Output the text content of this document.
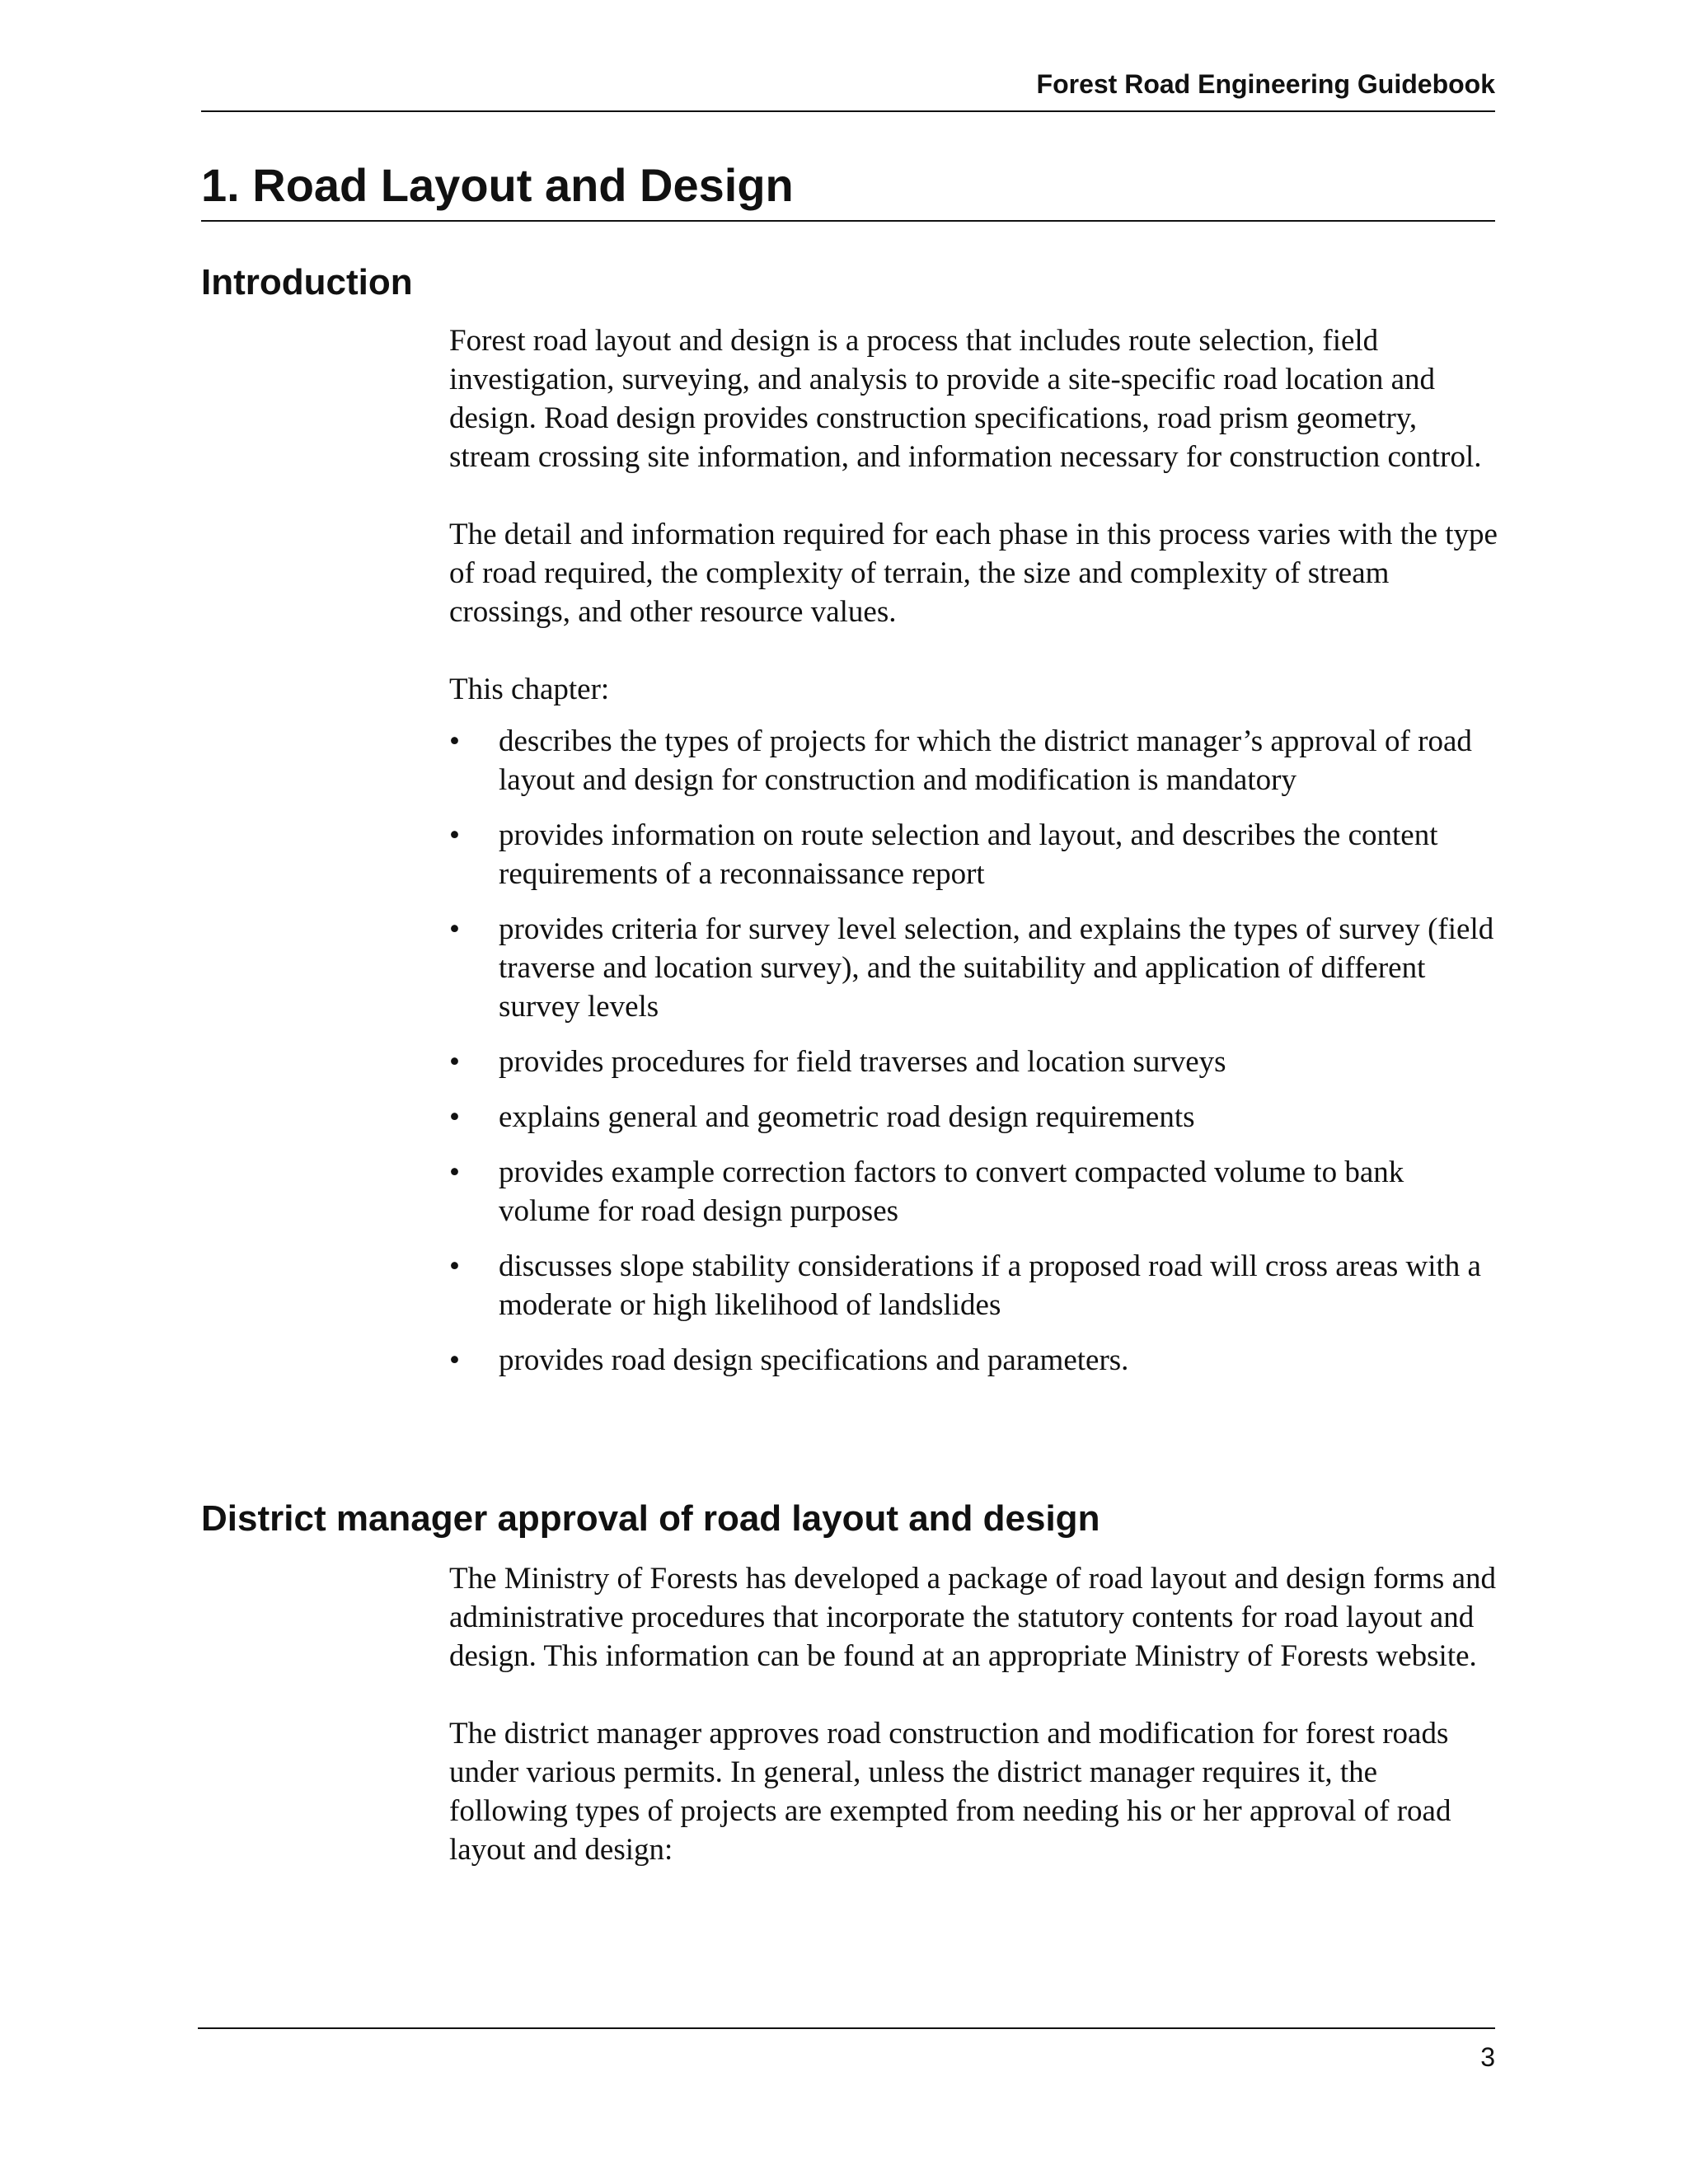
Forest Road Engineering Guidebook
1. Road Layout and Design
Introduction

Forest road layout and design is a process that includes route selection, field investigation, surveying, and analysis to provide a site-specific road location and design. Road design provides construction specifications, road prism geometry, stream crossing site information, and information necessary for construction control.

The detail and information required for each phase in this process varies with the type of road required, the complexity of terrain, the size and complexity of stream crossings, and other resource values.

This chapter:

• describes the types of projects for which the district manager’s approval of road layout and design for construction and modification is mandatory
• provides information on route selection and layout, and describes the content requirements of a reconnaissance report
• provides criteria for survey level selection, and explains the types of survey (field traverse and location survey), and the suitability and application of different survey levels
• provides procedures for field traverses and location surveys
• explains general and geometric road design requirements
• provides example correction factors to convert compacted volume to bank volume for road design purposes
• discusses slope stability considerations if a proposed road will cross areas with a moderate or high likelihood of landslides
• provides road design specifications and parameters.
District manager approval of road layout and design

The Ministry of Forests has developed a package of road layout and design forms and administrative procedures that incorporate the statutory contents for road layout and design. This information can be found at an appropriate Ministry of Forests website.

The district manager approves road construction and modification for forest roads under various permits. In general, unless the district manager requires it, the following types of projects are exempted from needing his or her approval of road layout and design:

3
